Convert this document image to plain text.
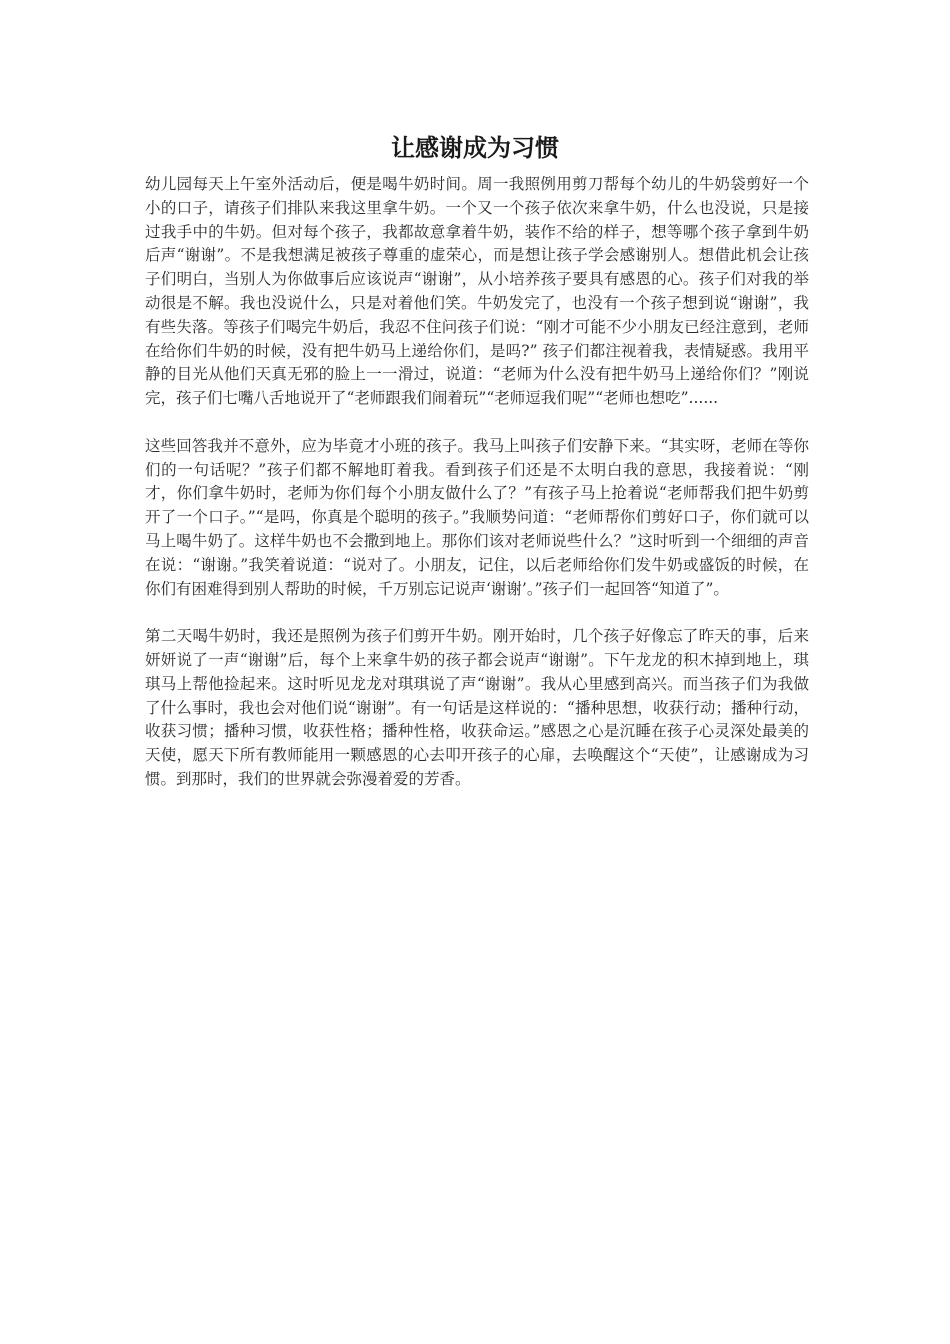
让感谢成为习惯

幼儿园每天上午室外活动后，便是喝牛奶时间。周一我照例用剪刀帮每个幼儿的牛奶袋剪好一个小的口子，请孩子们排队来我这里拿牛奶。一个又一个孩子依次来拿牛奶，什么也没说，只是接过我手中的牛奶。但对每个孩子，我都故意拿着牛奶，装作不给的样子，想等哪个孩子拿到牛奶后声“谢谢”。不是我想满足被孩子尊重的虚荣心，而是想让孩子学会感谢别人。想借此机会让孩子们明白，当别人为你做事后应该说声“谢谢”，从小培养孩子要具有感恩的心。孩子们对我的举动很是不解。我也没说什么，只是对着他们笑。牛奶发完了，也没有一个孩子想到说“谢谢”，我有些失落。等孩子们喝完牛奶后，我忍不住问孩子们说：“刚才可能不少小朋友已经注意到，老师在给你们牛奶的时候，没有把牛奶马上递给你们，是吗?” 孩子们都注视着我，表情疑惑。我用平静的目光从他们天真无邪的脸上一一滑过，说道：“老师为什么没有把牛奶马上递给你们？”刚说完，孩子们七嘴八舌地说开了“老师跟我们闹着玩”“老师逗我们呢”“老师也想吃”......

这些回答我并不意外，应为毕竟才小班的孩子。我马上叫孩子们安静下来。“其实呀，老师在等你们的一句话呢？”孩子们都不解地盯着我。看到孩子们还是不太明白我的意思，我接着说：“刚才，你们拿牛奶时，老师为你们每个小朋友做什么了？”有孩子马上抢着说“老师帮我们把牛奶剪开了一个口子。”“是吗，你真是个聪明的孩子。”我顺势问道：“老师帮你们剪好口子，你们就可以马上喝牛奶了。这样牛奶也不会撒到地上。那你们该对老师说些什么？”这时听到一个细细的声音在说：“谢谢。”我笑着说道：“说对了。小朋友，记住，以后老师给你们发牛奶或盛饭的时候，在你们有困难得到别人帮助的时候，千万别忘记说声‘谢谢’。”孩子们一起回答“知道了”。

第二天喝牛奶时，我还是照例为孩子们剪开牛奶。刚开始时，几个孩子好像忘了昨天的事，后来妍妍说了一声“谢谢”后，每个上来拿牛奶的孩子都会说声“谢谢”。下午龙龙的积木掉到地上，琪琪马上帮他捡起来。这时听见龙龙对琪琪说了声“谢谢”。我从心里感到高兴。而当孩子们为我做了什么事时，我也会对他们说“谢谢”。有一句话是这样说的：“播种思想，收获行动；播种行动，收获习惯；播种习惯，收获性格；播种性格，收获命运。”感恩之心是沉睡在孩子心灵深处最美的天使，愿天下所有教师能用一颗感恩的心去叩开孩子的心扉，去唤醒这个“天使”，让感谢成为习惯。到那时，我们的世界就会弥漫着爱的芳香。
